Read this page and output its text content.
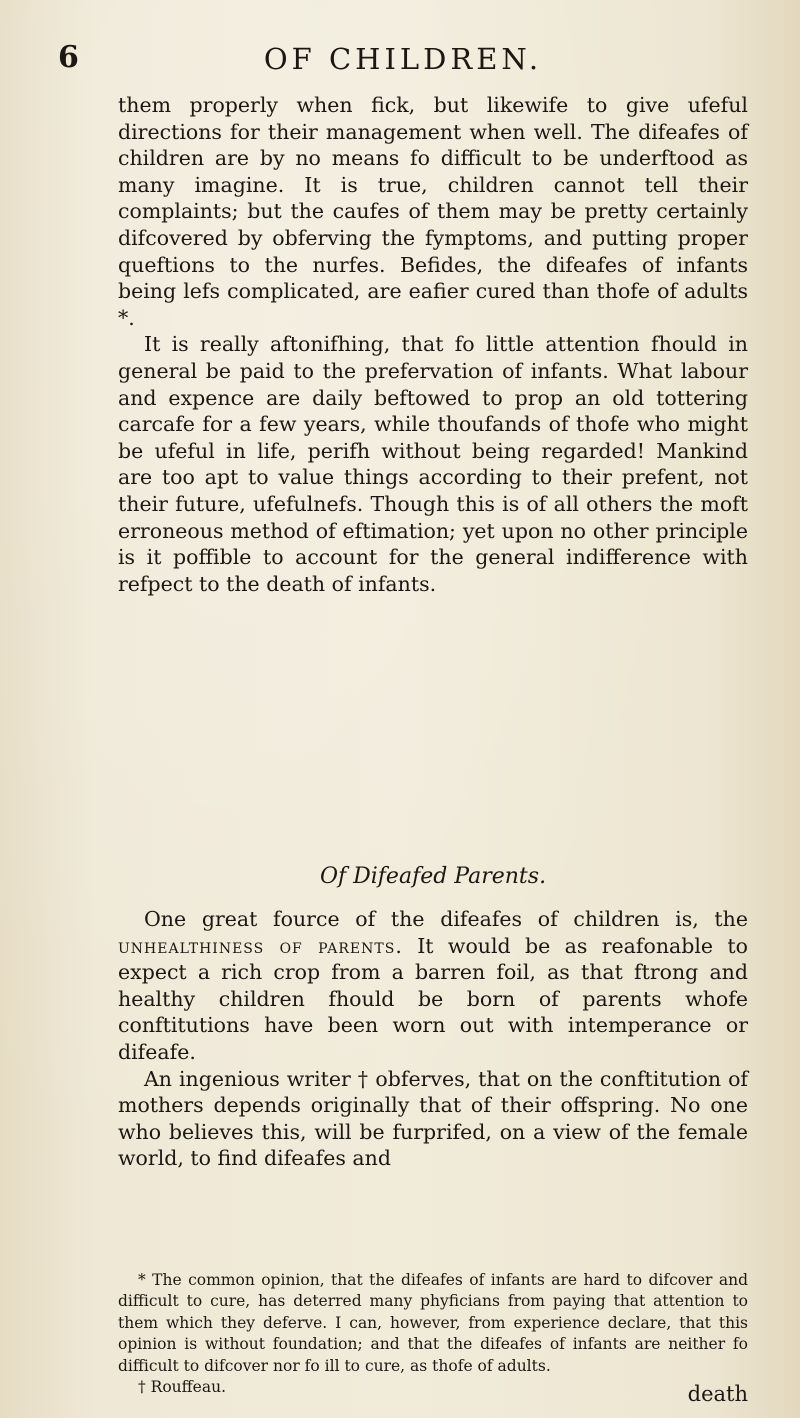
6	OF CHILDREN.

them properly when fick, but likewife to give ufeful directions for their management when well. The difeafes of children are by no means fo difficult to be underftood as many imagine. It is true, children cannot tell their complaints; but the caufes of them may be pretty certainly difcovered by obferving the fymptoms, and putting proper queftions to the nurfes. Befides, the difeafes of infants being lefs complicated, are eafier cured than thofe of adults *.

It is really aftonifhing, that fo little attention fhould in general be paid to the prefervation of infants. What labour and expence are daily beftowed to prop an old tottering carcafe for a few years, while thoufands of thofe who might be ufeful in life, perifh without being regarded! Mankind are too apt to value things according to their prefent, not their future, ufefulnefs. Though this is of all others the moft erroneous method of eftimation; yet upon no other principle is it poffible to account for the general indifference with refpect to the death of infants.

Of Difeafed Parents.

One great fource of the difeafes of children is, the unhealthiness of parents. It would be as reafonable to expect a rich crop from a barren foil, as that ftrong and healthy children fhould be born of parents whofe conftitutions have been worn out with intemperance or difeafe.

An ingenious writer † obferves, that on the conftitution of mothers depends originally that of their offspring. No one who believes this, will be furprifed, on a view of the female world, to find difeafes and

* The common opinion, that the difeafes of infants are hard to difcover and difficult to cure, has deterred many phyficians from paying that attention to them which they deferve. I can, however, from experience declare, that this opinion is without foundation; and that the difeafes of infants are neither fo difficult to difcover nor fo ill to cure, as thofe of adults.

† Rouffeau.	death
